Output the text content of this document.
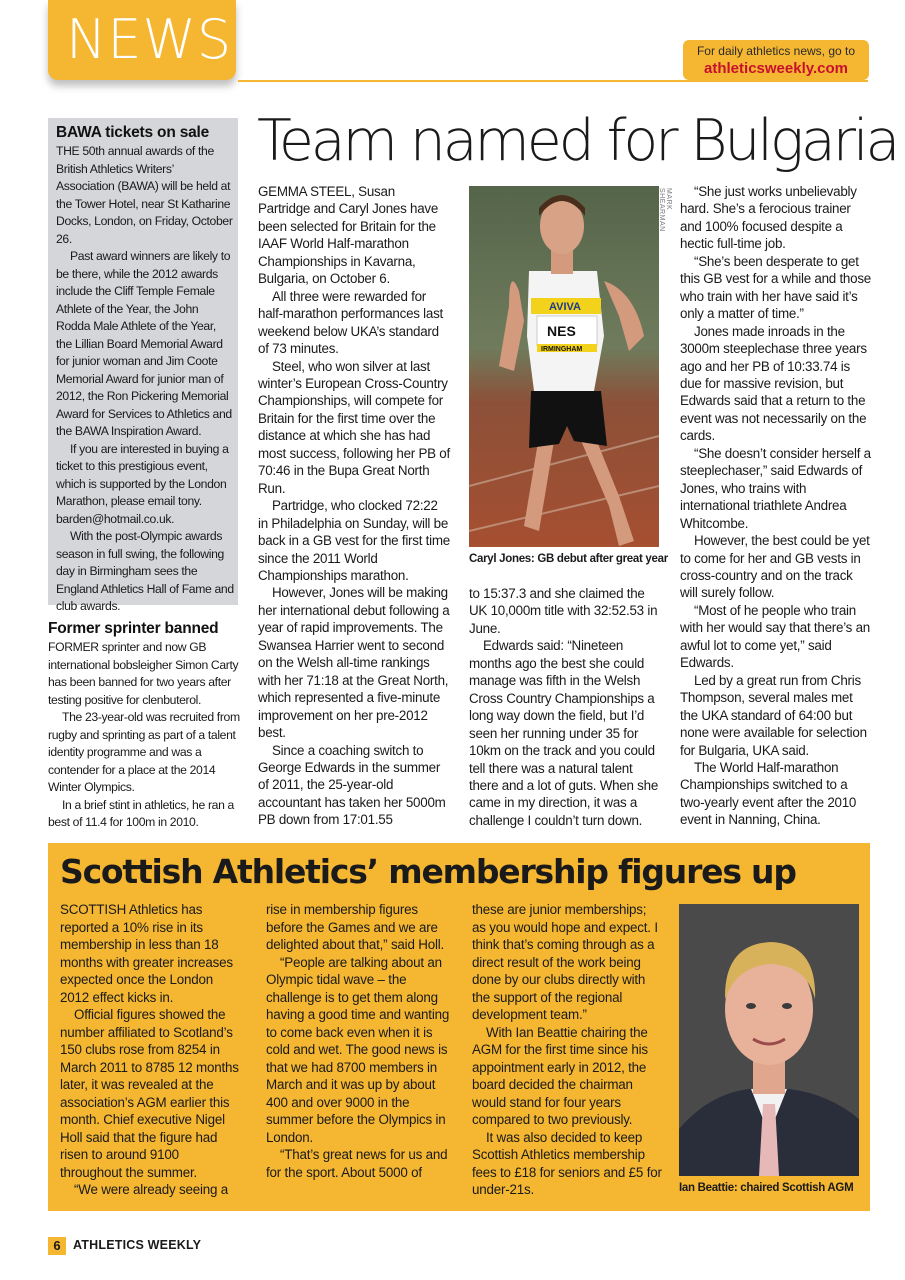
NEWS	For daily athletics news, go to
athleticsweekly.com
BAWA tickets on sale

THE 50th annual awards of the British Athletics Writers’ Association (BAWA) will be held at the Tower Hotel, near St Katharine Docks, London, on Friday, October 26.

Past award winners are likely to be there, while the 2012 awards include the Cliff Temple Female Athlete of the Year, the John Rodda Male Athlete of the Year, the Lillian Board Memorial Award for junior woman and Jim Coote Memorial Award for junior man of 2012, the Ron Pickering Memorial Award for Services to Athletics and the BAWA Inspiration Award.

If you are interested in buying a ticket to this prestigious event, which is supported by the London Marathon, please email tony. barden@hotmail.co.uk.

With the post-Olympic awards season in full swing, the following day in Birmingham sees the England Athletics Hall of Fame and club awards.

Former sprinter banned

FORMER sprinter and now GB international bobsleigher Simon Carty has been banned for two years after testing positive for clenbuterol.

The 23-year-old was recruited from rugby and sprinting as part of a talent identity programme and was a contender for a place at the 2014 Winter Olympics.

In a brief stint in athletics, he ran a best of 11.4 for 100m in 2010.

Team named for Bulgaria

GEMMA STEEL, Susan Partridge and Caryl Jones have been selected for Britain for the IAAF World Half-marathon Championships in Kavarna, Bulgaria, on October 6.

All three were rewarded for half-marathon performances last weekend below UKA’s standard of 73 minutes.

Steel, who won silver at last winter’s European Cross-Country Championships, will compete for Britain for the first time over the distance at which she has had most success, following her PB of 70:46 in the Bupa Great North Run.

Partridge, who clocked 72:22 in Philadelphia on Sunday, will be back in a GB vest for the first time since the 2011 World Championships marathon.

However, Jones will be making her international debut following a year of rapid improvements. The Swansea Harrier went to second on the Welsh all-time rankings with her 71:18 at the Great North, which represented a five-minute improvement on her pre-2012 best.

Since a coaching switch to George Edwards in the summer of 2011, the 25-year-old accountant has taken her 5000m PB down from 17:01.55

AVIVA
NES
IRMINGHAM
MARK SHEARMAN
Caryl Jones: GB debut after great year

to 15:37.3 and she claimed the UK 10,000m title with 32:52.53 in June.

Edwards said: “Nineteen months ago the best she could manage was fifth in the Welsh Cross Country Championships a long way down the field, but I’d seen her running under 35 for 10km on the track and you could tell there was a natural talent there and a lot of guts. When she came in my direction, it was a challenge I couldn’t turn down.

“She just works unbelievably hard. She’s a ferocious trainer and 100% focused despite a hectic full-time job.

“She’s been desperate to get this GB vest for a while and those who train with her have said it’s only a matter of time.”

Jones made inroads in the 3000m steeplechase three years ago and her PB of 10:33.74 is due for massive revision, but Edwards said that a return to the event was not necessarily on the cards.

“She doesn’t consider herself a steeplechaser,” said Edwards of Jones, who trains with international triathlete Andrea Whitcombe.

However, the best could be yet to come for her and GB vests in cross-country and on the track will surely follow.

“Most of he people who train with her would say that there’s an awful lot to come yet,” said Edwards.

Led by a great run from Chris Thompson, several males met the UKA standard of 64:00 but none were available for selection for Bulgaria, UKA said.

The World Half-marathon Championships switched to a two-yearly event after the 2010 event in Nanning, China.

Scottish Athletics’ membership figures up

SCOTTISH Athletics has reported a 10% rise in its membership in less than 18 months with greater increases expected once the London 2012 effect kicks in.

Official figures showed the number affiliated to Scotland’s 150 clubs rose from 8254 in March 2011 to 8785 12 months later, it was revealed at the association’s AGM earlier this month. Chief executive Nigel Holl said that the figure had risen to around 9100 throughout the summer.

“We were already seeing a

rise in membership figures before the Games and we are delighted about that,” said Holl.

“People are talking about an Olympic tidal wave – the challenge is to get them along having a good time and wanting to come back even when it is cold and wet. The good news is that we had 8700 members in March and it was up by about 400 and over 9000 in the summer before the Olympics in London.

“That’s great news for us and for the sport. About 5000 of

these are junior memberships; as you would hope and expect. I think that’s coming through as a direct result of the work being done by our clubs directly with the support of the regional development team.”

With Ian Beattie chairing the AGM for the first time since his appointment early in 2012, the board decided the chairman would stand for four years compared to two previously.

It was also decided to keep Scottish Athletics membership fees to £18 for seniors and £5 for under-21s.	Ian Beattie: chaired Scottish AGM
6 ATHLETICS WEEKLY
